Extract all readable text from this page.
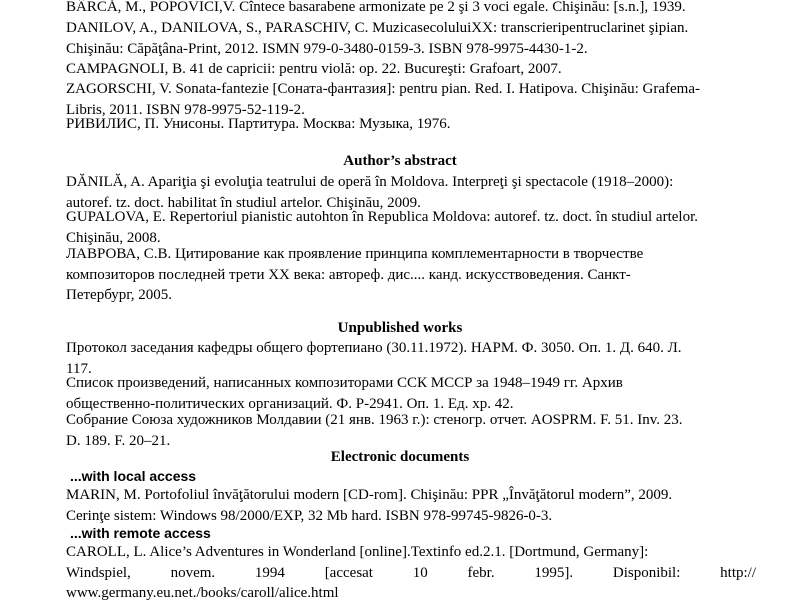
BÂRCĂ, M., POPOVICI,V. Cîntece basarabene armonizate pe 2 şi 3 voci egale. Chişinău: [s.n.], 1939.
DANILOV, A., DANILOVA, S., PARASCHIV, C. MuzicasecoluluiXX: transcrieripentruclarinet şipian.
Chişinău: Căpăţâna-Print, 2012. ISMN 979-0-3480-0159-3. ISBN 978-9975-4430-1-2.
CAMPAGNOLI, B. 41 de capricii: pentru violă: op. 22. Bucureşti: Grafoart, 2007.
ZAGORSCHI, V. Sonata-fantezie [Соната-фантазия]: pentru pian. Red. I. Hatipova. Chişinău: Grafema-
Libris, 2011. ISBN 978-9975-52-119-2.
РИВИЛИС, П. Унисоны. Партитура. Москва: Музыка, 1976.
Author’s abstract
DĂNILĂ, A. Apariţia şi evoluţia teatrului de operă în Moldova. Interpreţi şi spectacole (1918–2000):
autoref. tz. doct. habilitat în studiul artelor. Chişinău, 2009.
GUPALOVA, E. Repertoriul pianistic autohton în Republica Moldova: autoref. tz. doct. în studiul artelor.
Chişinău, 2008.
ЛАВРОВА, С.В. Цитирование как проявление принципа комплементарности в творчестве
композиторов последней трети XX века: автореф. дис.... канд. искусствоведения. Санкт-
Петербург, 2005.
Unpublished works
Протокол заседания кафедры общего фортепиано (30.11.1972). НАРМ. Ф. 3050. Оп. 1. Д. 640. Л.
117.
Список произведений, написанных композиторами ССК МССР за 1948–1949 гг. Архив
общественно-политических организаций. Ф. Р-2941. Оп. 1. Ед. хр. 42.
Собрание Союза художников Молдавии (21 янв. 1963 г.): стеногр. отчет. AOSPRM. F. 51. Inv. 23.
D. 189. F. 20–21.
Electronic documents
...with local access
MARIN, M. Portofoliul învăţătorului modern [CD-rom]. Chişinău: PPR „Învăţătorul modern”, 2009.
Cerinţe sistem: Windows 98/2000/EXP, 32 Mb hard. ISBN 978-99745-9826-0-3.
...with remote access
CAROLL, L. Alice’s Adventures in Wonderland [online].Textinfo ed.2.1. [Dortmund, Germany]:
Windspiel,	novem.	1994	[accesat	10	febr.	1995].	Disponibil:	http://
www.germany.eu.net./books/caroll/alice.html
